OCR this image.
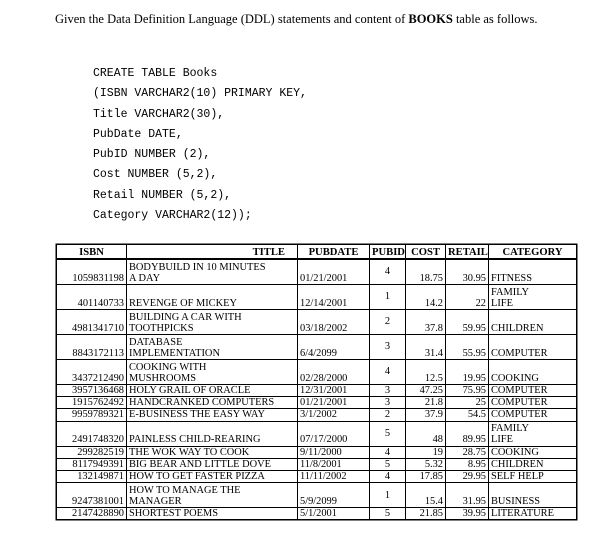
Given the Data Definition Language (DDL) statements and content of BOOKS table as follows.

CREATE TABLE Books
(ISBN VARCHAR2(10) PRIMARY KEY,
Title VARCHAR2(30),
PubDate DATE,
PubID NUMBER (2),
Cost NUMBER (5,2),
Retail NUMBER (5,2),
Category VARCHAR2(12));
ISBN	TITLE	PUBDATE	PUBID	COST	RETAIL	CATEGORY
1059831198	BODYBUILD IN 10 MINUTES
A DAY	01/21/2001	4	18.75	30.95	FITNESS
401140733	REVENGE OF MICKEY	12/14/2001	1	14.2	22	FAMILY
LIFE

4981341710	BUILDING A CAR WITH
TOOTHPICKS	03/18/2002	2	37.8	59.95	CHILDREN
8843172113	DATABASE
IMPLEMENTATION	6/4/2099	3	31.4	55.95	COMPUTER
3437212490	COOKING WITH
MUSHROOMS	02/28/2000	4	12.5	19.95	COOKING
3957136468	HOLY GRAIL OF ORACLE	12/31/2001	3	47.25	75.95	COMPUTER
1915762492	HANDCRANKED COMPUTERS	01/21/2001	3	21.8	25	COMPUTER
9959789321	E-BUSINESS THE EASY WAY	3/1/2002	2	37.9	54.5	COMPUTER
2491748320	PAINLESS CHILD-REARING	07/17/2000	5	48	89.95	FAMILY
LIFE

299282519	THE WOK WAY TO COOK	9/11/2000	4	19	28.75	COOKING
8117949391	BIG BEAR AND LITTLE DOVE	11/8/2001	5	5.32	8.95	CHILDREN
132149871	HOW TO GET FASTER PIZZA	11/11/2002	4	17.85	29.95	SELF HELP
9247381001	HOW TO MANAGE THE
MANAGER	5/9/2099	1	15.4	31.95	BUSINESS
2147428890	SHORTEST POEMS	5/1/2001	5	21.85	39.95	LITERATURE
